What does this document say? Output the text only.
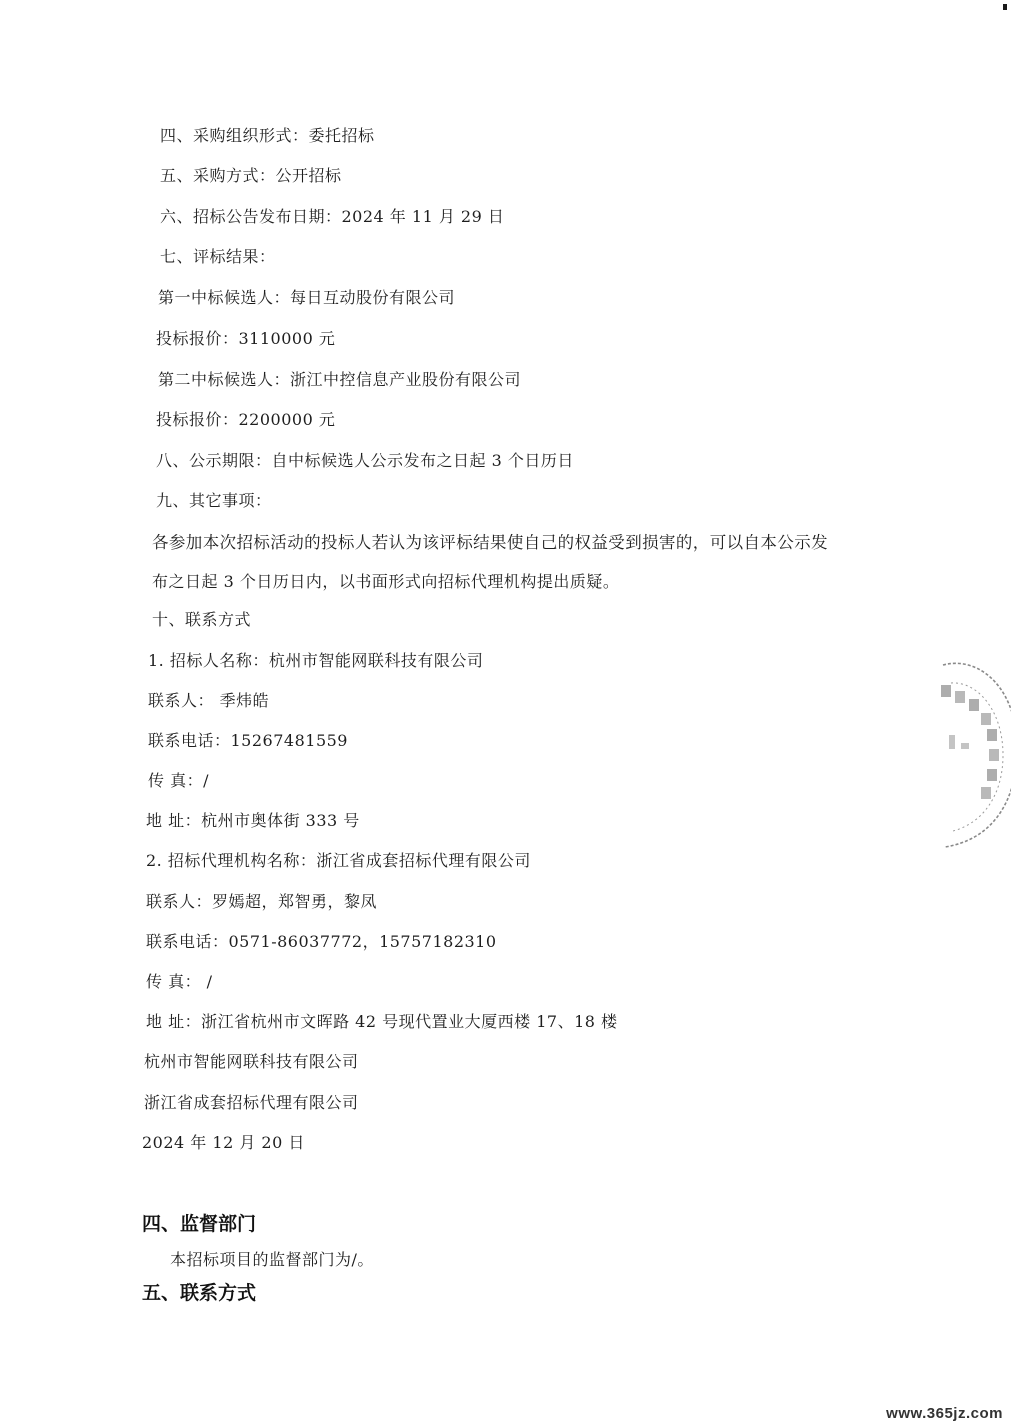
四、采购组织形式：委托招标
五、采购方式：公开招标
六、招标公告发布日期：2024 年 11 月 29 日
七、评标结果：
第一中标候选人：每日互动股份有限公司
投标报价：3110000 元
第二中标候选人：浙江中控信息产业股份有限公司
投标报价：2200000 元
八、公示期限：自中标候选人公示发布之日起 3 个日历日
九、其它事项：
各参加本次招标活动的投标人若认为该评标结果使自己的权益受到损害的，可以自本公示发
布之日起 3 个日历日内，以书面形式向招标代理机构提出质疑。
十、联系方式
1. 招标人名称：杭州市智能网联科技有限公司
联系人： 季炜皓
联系电话：15267481559
传 真：/
地 址：杭州市奥体街 333 号
2. 招标代理机构名称：浙江省成套招标代理有限公司
联系人：罗嫣超，郑智勇，黎凤
联系电话：0571-86037772，15757182310
传 真： /
地 址：浙江省杭州市文晖路 42 号现代置业大厦西楼 17、18 楼
杭州市智能网联科技有限公司
浙江省成套招标代理有限公司
2024 年 12 月 20 日
四、监督部门
本招标项目的监督部门为/。
五、联系方式
www.365jz.com
